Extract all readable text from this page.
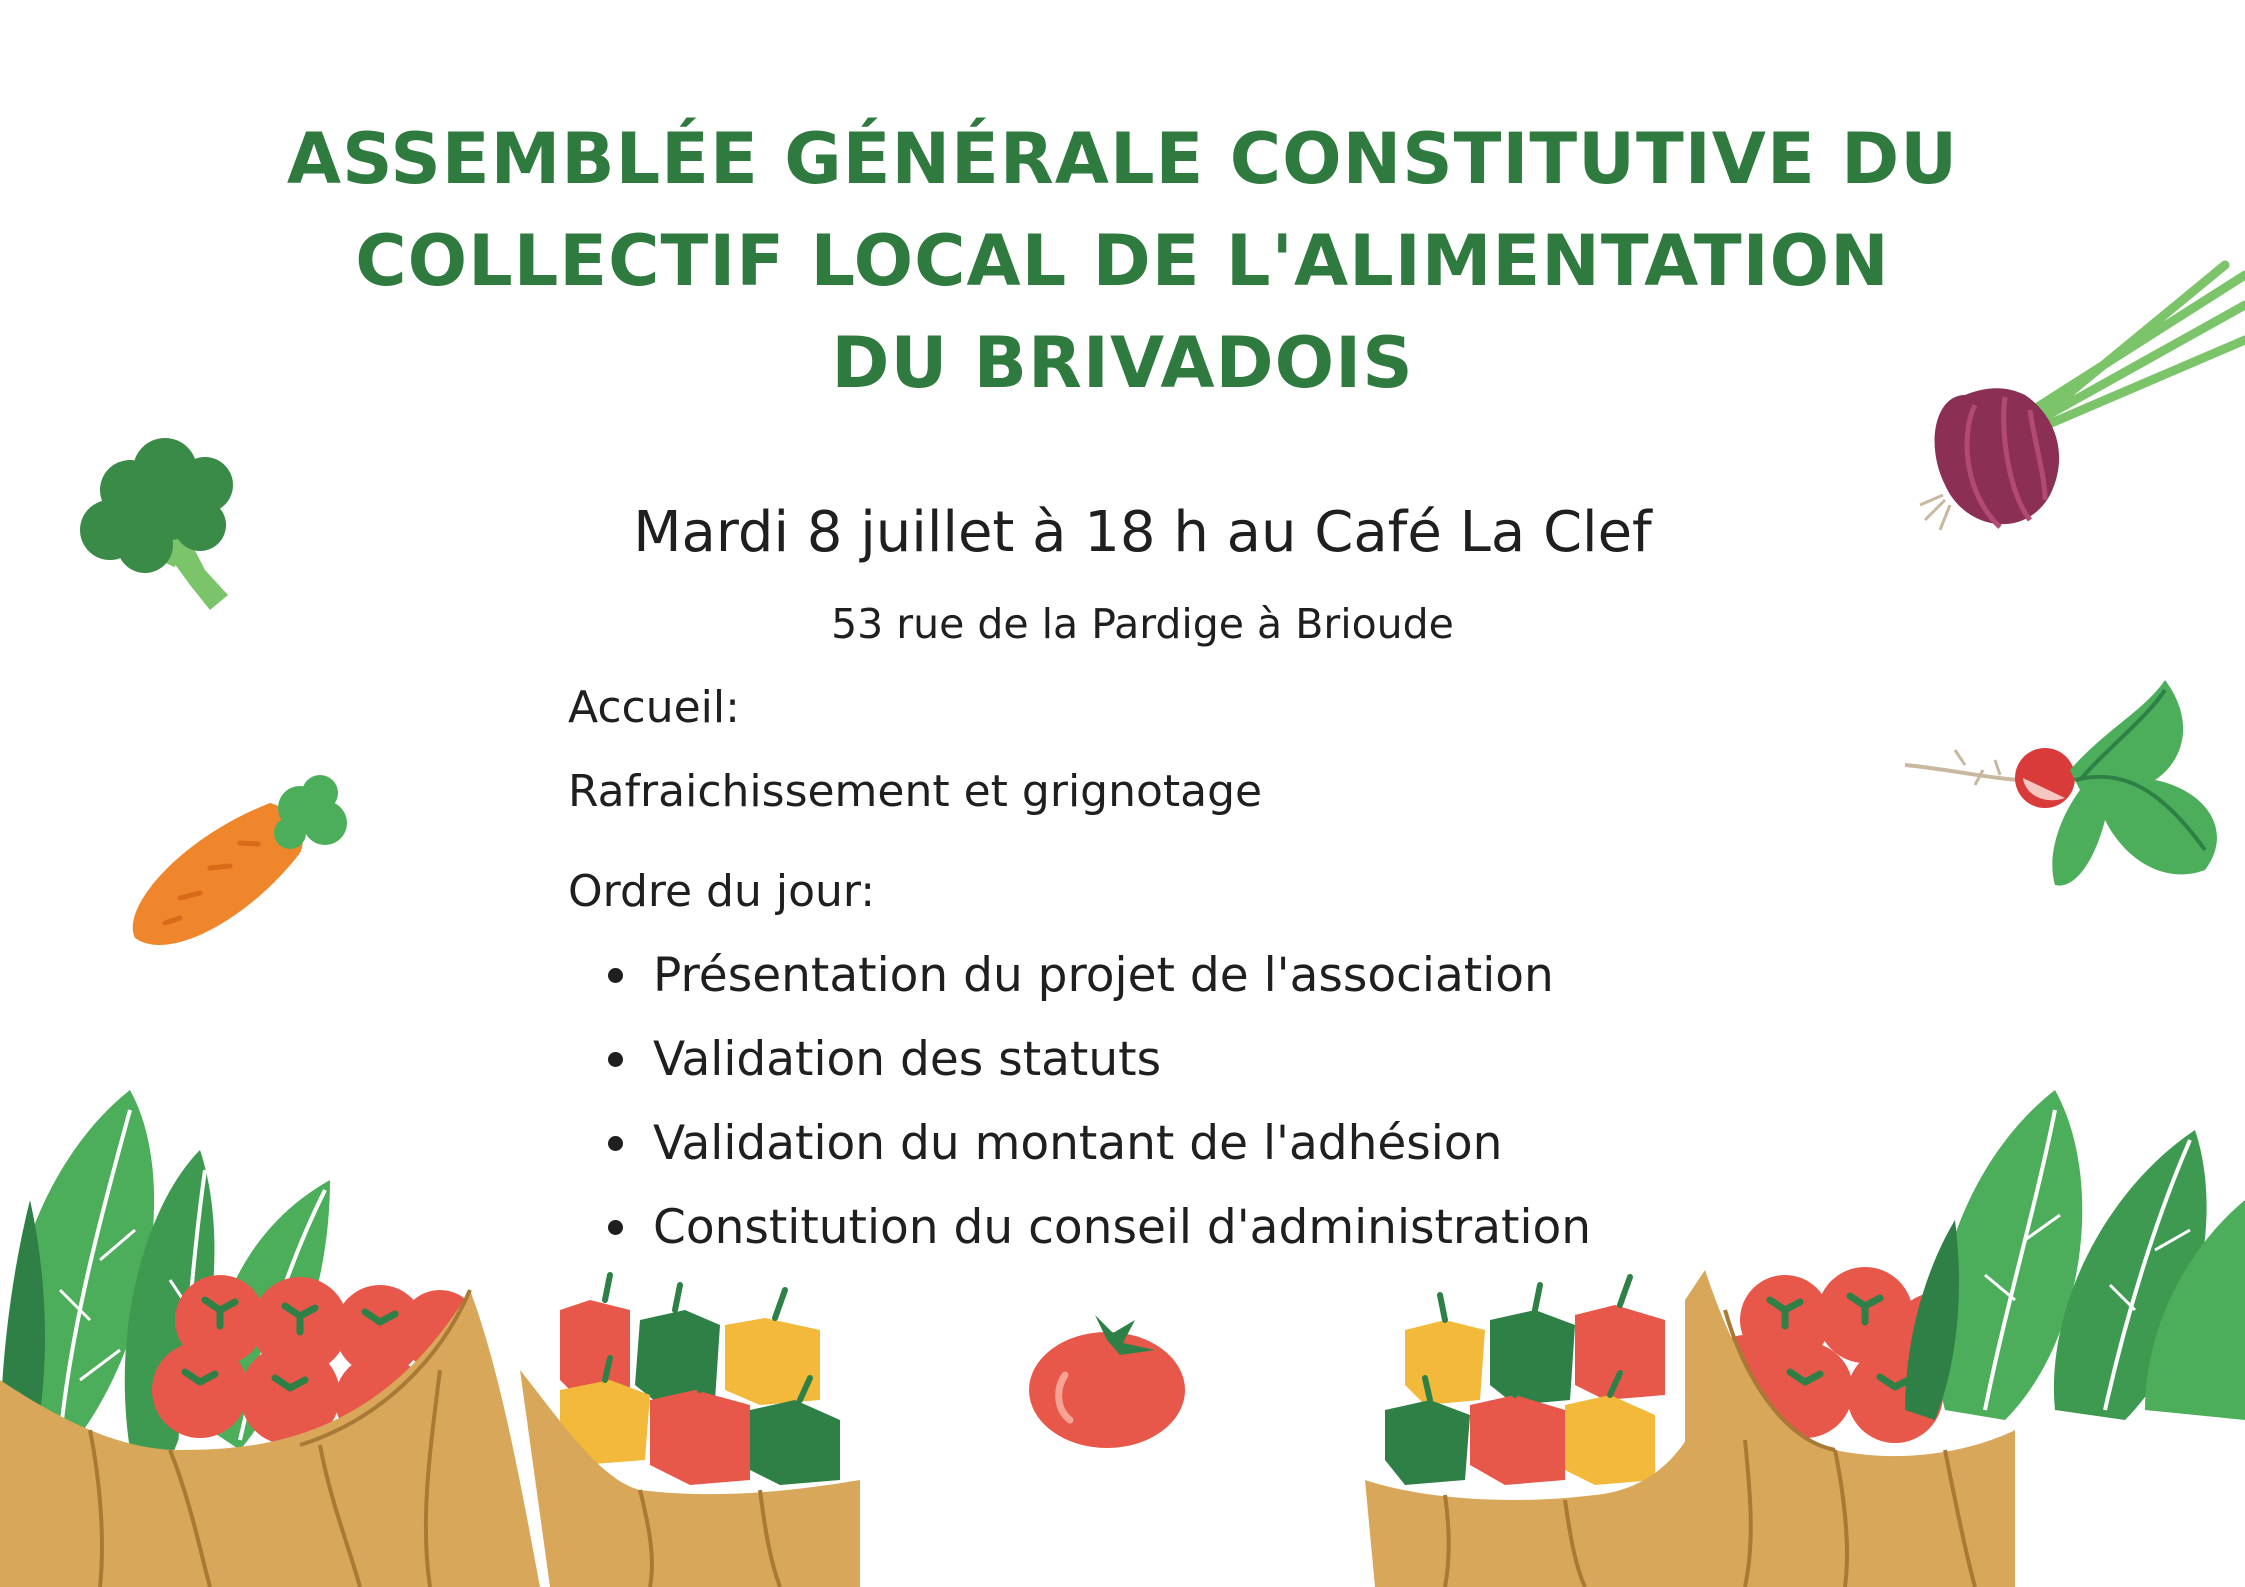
ASSEMBLÉE GÉNÉRALE CONSTITUTIVE DU
COLLECTIF LOCAL DE L'ALIMENTATION
DU BRIVADOIS

Mardi 8 juillet à 18 h au Café La Clef

53 rue de la Pardige à Brioude

Accueil:

Rafraichissement et grignotage

Ordre du jour:

Présentation du projet de l'association
Validation des statuts
Validation du montant de l'adhésion
Constitution du conseil d'administration
